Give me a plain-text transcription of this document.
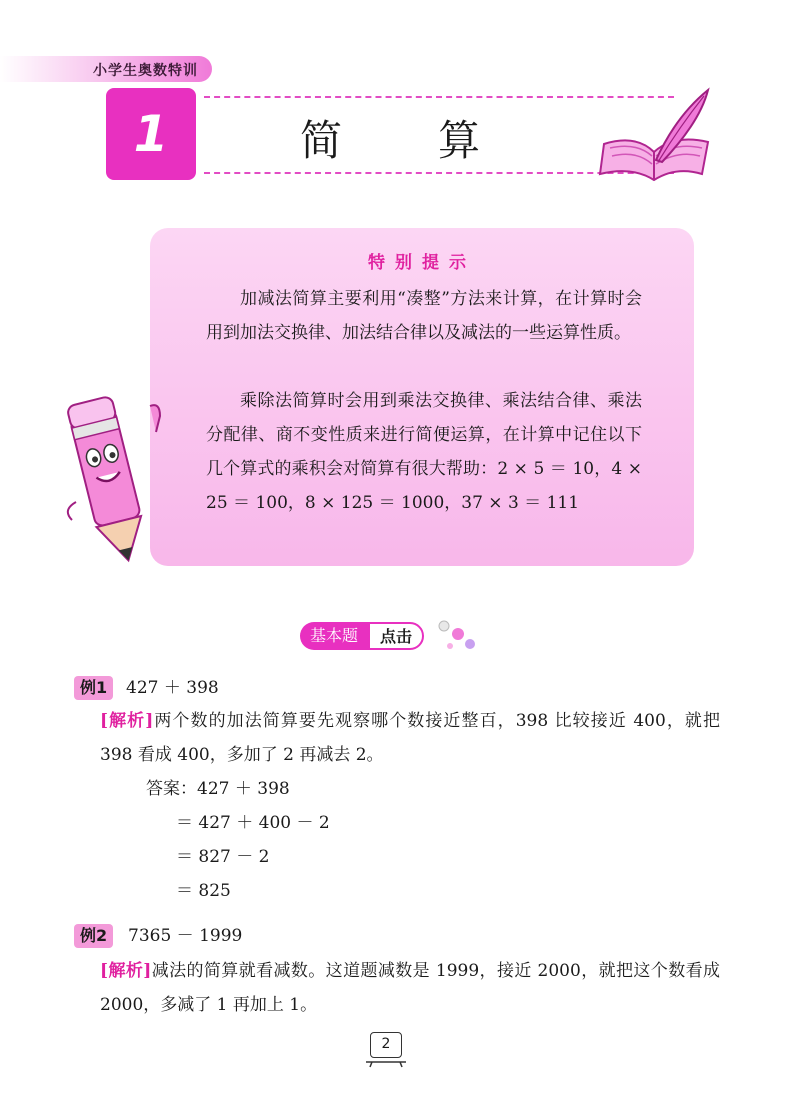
小学生奥数特训
1	简 算
特别提示
加减法简算主要利用“凑整”方法来计算，在计算时会用到加法交换律、加法结合律以及减法的一些运算性质。
乘除法简算时会用到乘法交换律、乘法结合律、乘法分配律、商不变性质来进行简便运算，在计算中记住以下几个算式的乘积会对简算有很大帮助：2 × 5 ＝ 10，4 × 25 ＝ 100，8 × 125 ＝ 1000，37 × 3 ＝ 111
基本题	点击
例1	427 ＋ 398
[解析]两个数的加法简算要先观察哪个数接近整百，398 比较接近 400，就把 398 看成 400，多加了 2 再减去 2。
答案：427 ＋ 398
＝ 427 ＋ 400 － 2
＝ 827 － 2
＝ 825
例2	7365 － 1999
[解析]减法的简算就看减数。这道题减数是 1999，接近 2000，就把这个数看成 2000，多减了 1 再加上 1。
2
